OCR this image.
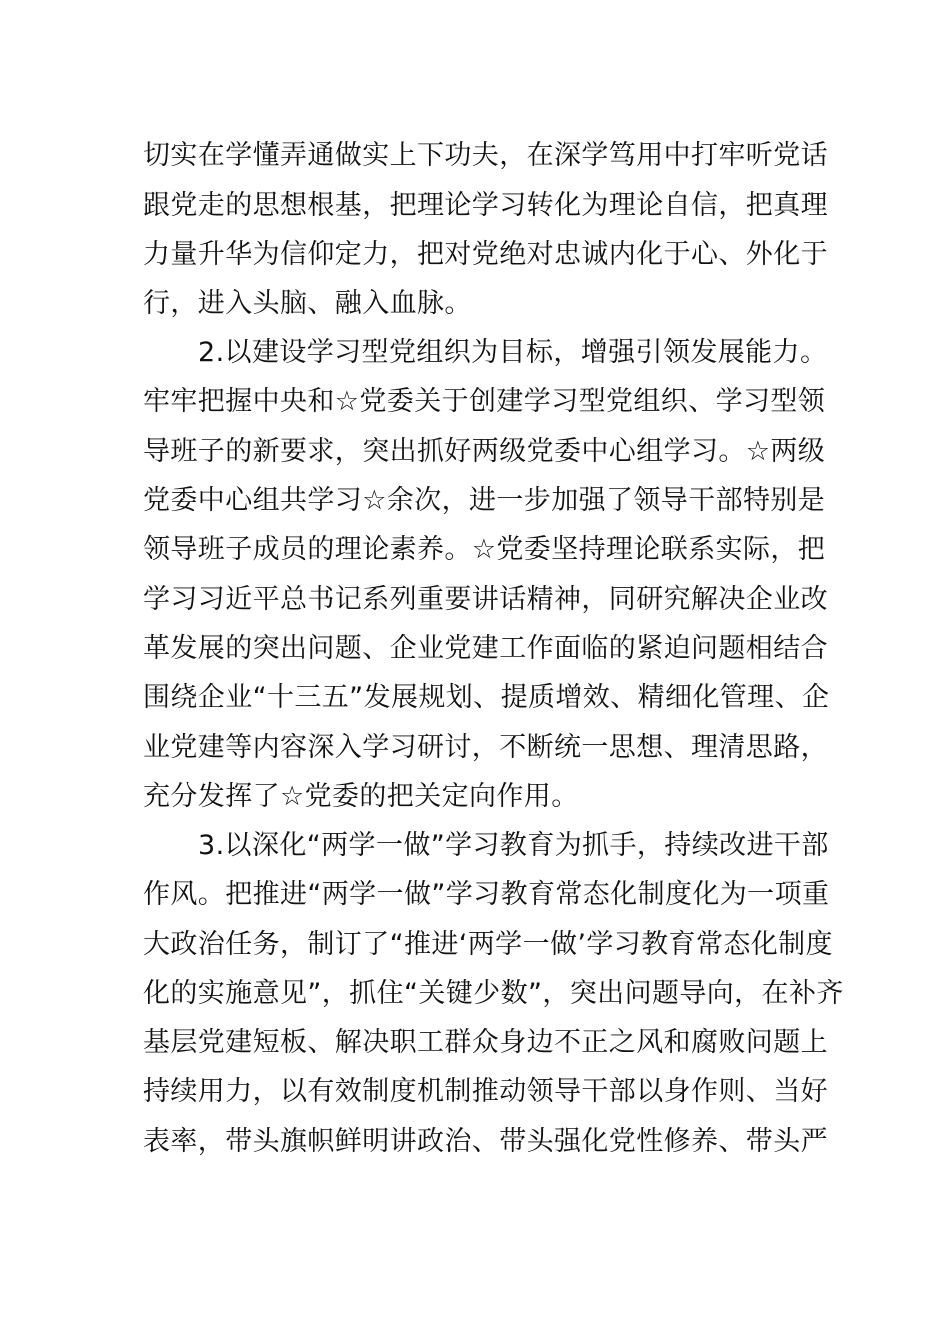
切实在学懂弄通做实上下功夫，在深学笃用中打牢听党话
跟党走的思想根基，把理论学习转化为理论自信，把真理
力量升华为信仰定力，把对党绝对忠诚内化于心、外化于
行，进入头脑、融入血脉。
2.以建设学习型党组织为目标，增强引领发展能力。
牢牢把握中央和☆党委关于创建学习型党组织、学习型领
导班子的新要求，突出抓好两级党委中心组学习。☆两级
党委中心组共学习☆余次，进一步加强了领导干部特别是
领导班子成员的理论素养。☆党委坚持理论联系实际，把
学习习近平总书记系列重要讲话精神，同研究解决企业改
革发展的突出问题、企业党建工作面临的紧迫问题相结合
围绕企业“十三五”发展规划、提质增效、精细化管理、企
业党建等内容深入学习研讨，不断统一思想、理清思路，
充分发挥了☆党委的把关定向作用。
3.以深化“两学一做”学习教育为抓手，持续改进干部
作风。把推进“两学一做”学习教育常态化制度化为一项重
大政治任务，制订了“推进‘两学一做’学习教育常态化制度
化的实施意见”，抓住“关键少数”，突出问题导向，在补齐
基层党建短板、解决职工群众身边不正之风和腐败问题上
持续用力，以有效制度机制推动领导干部以身作则、当好
表率，带头旗帜鲜明讲政治、带头强化党性修养、带头严
